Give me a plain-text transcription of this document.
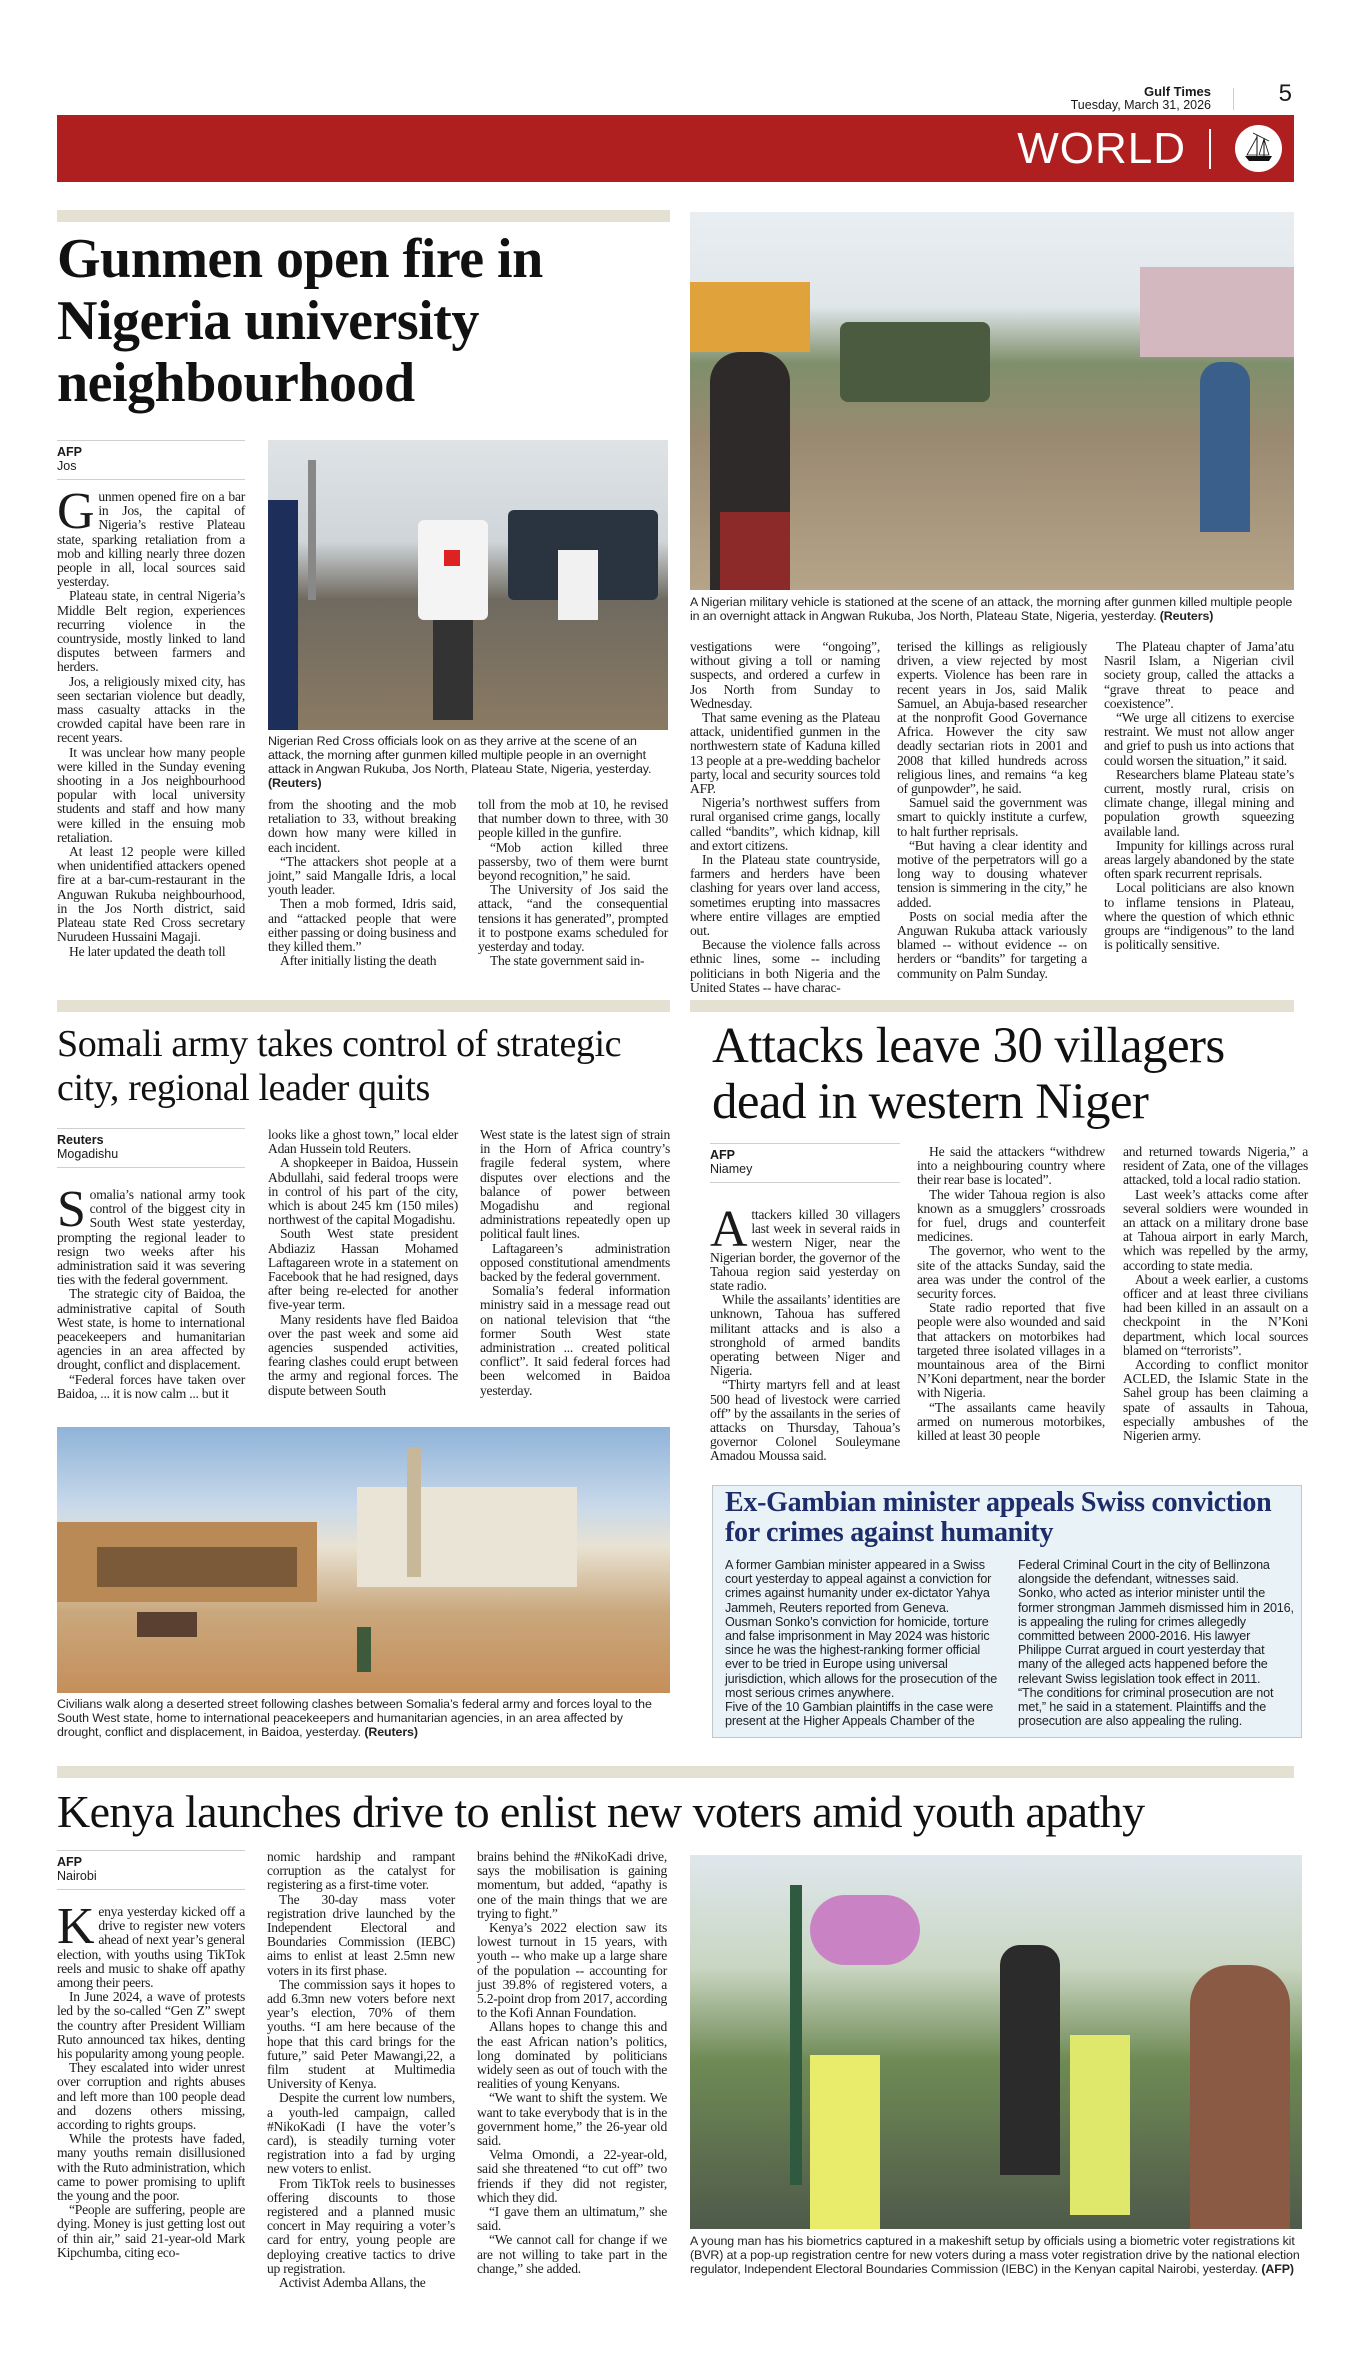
Gulf Times
Tuesday, March 31, 2026	5
WORLD
Gunmen open fire in Nigeria university neighbourhood
AFP
Jos

Gunmen opened fire on a bar in Jos, the capital of Nigeria’s restive Plateau state, sparking retaliation from a mob and killing nearly three dozen people in all, local sources said yesterday.

Plateau state, in central Nigeria’s Middle Belt region, experiences recurring violence in the countryside, mostly linked to land disputes between farmers and herders.

Jos, a religiously mixed city, has seen sectarian violence but deadly, mass casualty attacks in the crowded capital have been rare in recent years.

It was unclear how many people were killed in the Sunday evening shooting in a Jos neighbourhood popular with local university students and staff and how many were killed in the ensuing mob retaliation.

At least 12 people were killed when unidentified attackers opened fire at a bar-cum-restaurant in the Anguwan Rukuba neighbourhood, in the Jos North district, said Plateau state Red Cross secretary Nurudeen Hussaini Magaji.

He later updated the death toll

Nigerian Red Cross officials look on as they arrive at the scene of an attack, the morning after gunmen killed multiple people in an overnight attack in Angwan Rukuba, Jos North, Plateau State, Nigeria, yesterday. (Reuters)

from the shooting and the mob retaliation to 33, without breaking down how many were killed in each incident.

“The attackers shot people at a joint,” said Mangalle Idris, a local youth leader.

Then a mob formed, Idris said, and “attacked people that were either passing or doing business and they killed them.”

After initially listing the death

toll from the mob at 10, he revised that number down to three, with 30 people killed in the gunfire.

“Mob action killed three passersby, two of them were burnt beyond recognition,” he said.

The University of Jos said the attack, “and the consequential tensions it has generated”, prompted it to postpone exams scheduled for yesterday and today.

The state government said in-

A Nigerian military vehicle is stationed at the scene of an attack, the morning after gunmen killed multiple people in an overnight attack in Angwan Rukuba, Jos North, Plateau State, Nigeria, yesterday. (Reuters)

vestigations were “ongoing”, without giving a toll or naming suspects, and ordered a curfew in Jos North from Sunday to Wednesday.

That same evening as the Plateau attack, unidentified gunmen in the northwestern state of Kaduna killed 13 people at a pre-wedding bachelor party, local and security sources told AFP.

Nigeria’s northwest suffers from rural organised crime gangs, locally called “bandits”, which kidnap, kill and extort citizens.

In the Plateau state countryside, farmers and herders have been clashing for years over land access, sometimes erupting into massacres where entire villages are emptied out.

Because the violence falls across ethnic lines, some -- including politicians in both Nigeria and the United States -- have charac-

terised the killings as religiously driven, a view rejected by most experts. Violence has been rare in recent years in Jos, said Malik Samuel, an Abuja-based researcher at the nonprofit Good Governance Africa. However the city saw deadly sectarian riots in 2001 and 2008 that killed hundreds across religious lines, and remains “a keg of gunpowder”, he said.

Samuel said the government was smart to quickly institute a curfew, to halt further reprisals.

“But having a clear identity and motive of the perpetrators will go a long way to dousing whatever tension is simmering in the city,” he added.

Posts on social media after the Anguwan Rukuba attack variously blamed -- without evidence -- on herders or “bandits” for targeting a community on Palm Sunday.

The Plateau chapter of Jama’atu Nasril Islam, a Nigerian civil society group, called the attacks a “grave threat to peace and coexistence”.

“We urge all citizens to exercise restraint. We must not allow anger and grief to push us into actions that could worsen the situation,” it said.

Researchers blame Plateau state’s current, mostly rural, crisis on climate change, illegal mining and population growth squeezing available land.

Impunity for killings across rural areas largely abandoned by the state often spark recurrent reprisals.

Local politicians are also known to inflame tensions in Plateau, where the question of which ethnic groups are “indigenous” to the land is politically sensitive.

Somali army takes control of strategic city, regional leader quits
Reuters
Mogadishu

Somalia’s national army took control of the biggest city in South West state yesterday, prompting the regional leader to resign two weeks after his administration said it was severing ties with the federal government.

The strategic city of Baidoa, the administrative capital of South West state, is home to international peacekeepers and humanitarian agencies in an area affected by drought, conflict and displacement.

“Federal forces have taken over Baidoa, ... it is now calm ... but it

looks like a ghost town,” local elder Adan Hussein told Reuters.

A shopkeeper in Baidoa, Hussein Abdullahi, said federal troops were in control of his part of the city, which is about 245 km (150 miles) northwest of the capital Mogadishu.

South West state president Abdiaziz Hassan Mohamed Laftagareen wrote in a statement on Facebook that he had resigned, days after being re-elected for another five-year term.

Many residents have fled Baidoa over the past week and some aid agencies suspended activities, fearing clashes could erupt between the army and regional forces. The dispute between South

West state is the latest sign of strain in the Horn of Africa country’s fragile federal system, where disputes over elections and the balance of power between Mogadishu and regional administrations repeatedly open up political fault lines.

Laftagareen’s administration opposed constitutional amendments backed by the federal government.

Somalia’s federal information ministry said in a message read out on national television that “the former South West state administration ... created political conflict”. It said federal forces had been welcomed in Baidoa yesterday.

Civilians walk along a deserted street following clashes between Somalia’s federal army and forces loyal to the South West state, home to international peacekeepers and humanitarian agencies, in an area affected by drought, conflict and displacement, in Baidoa, yesterday. (Reuters)

Attacks leave 30 villagers dead in western Niger
AFP
Niamey

Attackers killed 30 villagers last week in several raids in western Niger, near the Nigerian border, the governor of the Tahoua region said yesterday on state radio.

While the assailants’ identities are unknown, Tahoua has suffered militant attacks and is also a stronghold of armed bandits operating between Niger and Nigeria.

“Thirty martyrs fell and at least 500 head of livestock were carried off” by the assailants in the series of attacks on Thursday, Tahoua’s governor Colonel Souleymane Amadou Moussa said.

He said the attackers “withdrew into a neighbouring country where their rear base is located”.

The wider Tahoua region is also known as a smugglers’ crossroads for fuel, drugs and counterfeit medicines.

The governor, who went to the site of the attacks Sunday, said the area was under the control of the security forces.

State radio reported that five people were also wounded and said that attackers on motorbikes had targeted three isolated villages in a mountainous area of the Birni N’Koni department, near the border with Nigeria.

“The assailants came heavily armed on numerous motorbikes, killed at least 30 people

and returned towards Nigeria,” a resident of Zata, one of the villages attacked, told a local radio station.

Last week’s attacks come after several soldiers were wounded in an attack on a military drone base at Tahoua airport in early March, which was repelled by the army, according to state media.

About a week earlier, a customs officer and at least three civilians had been killed in an assault on a checkpoint in the N’Koni department, which local sources blamed on “terrorists”.

According to conflict monitor ACLED, the Islamic State in the Sahel group has been claiming a spate of assaults in Tahoua, especially ambushes of the Nigerien army.

Ex-Gambian minister appeals Swiss conviction for crimes against humanity

A former Gambian minister appeared in a Swiss court yesterday to appeal against a conviction for crimes against humanity under ex-dictator Yahya Jammeh, Reuters reported from Geneva.

Ousman Sonko’s conviction for homicide, torture and false imprisonment in May 2024 was historic since he was the highest-ranking former official ever to be tried in Europe using universal jurisdiction, which allows for the prosecution of the most serious crimes anywhere.

Five of the 10 Gambian plaintiffs in the case were present at the Higher Appeals Chamber of the

Federal Criminal Court in the city of Bellinzona alongside the defendant, witnesses said.

Sonko, who acted as interior minister until the former strongman Jammeh dismissed him in 2016, is appealing the ruling for crimes allegedly committed between 2000-2016. His lawyer Philippe Currat argued in court yesterday that many of the alleged acts happened before the relevant Swiss legislation took effect in 2011.

“The conditions for criminal prosecution are not met,” he said in a statement. Plaintiffs and the prosecution are also appealing the ruling.

Kenya launches drive to enlist new voters amid youth apathy
AFP
Nairobi

Kenya yesterday kicked off a drive to register new voters ahead of next year’s general election, with youths using TikTok reels and music to shake off apathy among their peers.

In June 2024, a wave of protests led by the so-called “Gen Z” swept the country after President William Ruto announced tax hikes, denting his popularity among young people.

They escalated into wider unrest over corruption and rights abuses and left more than 100 people dead and dozens others missing, according to rights groups.

While the protests have faded, many youths remain disillusioned with the Ruto administration, which came to power promising to uplift the young and the poor.

“People are suffering, people are dying. Money is just getting lost out of thin air,” said 21-year-old Mark Kipchumba, citing eco-

nomic hardship and rampant corruption as the catalyst for registering as a first-time voter.

The 30-day mass voter registration drive launched by the Independent Electoral and Boundaries Commission (IEBC) aims to enlist at least 2.5mn new voters in its first phase.

The commission says it hopes to add 6.3mn new voters before next year’s election, 70% of them youths. “I am here because of the hope that this card brings for the future,” said Peter Mawangi,22, a film student at Multimedia University of Kenya.

Despite the current low numbers, a youth-led campaign, called #NikoKadi (I have the voter’s card), is steadily turning voter registration into a fad by urging new voters to enlist.

From TikTok reels to businesses offering discounts to those registered and a planned music concert in May requiring a voter’s card for entry, young people are deploying creative tactics to drive up registration.

Activist Ademba Allans, the

brains behind the #NikoKadi drive, says the mobilisation is gaining momentum, but added, “apathy is one of the main things that we are trying to fight.”

Kenya’s 2022 election saw its lowest turnout in 15 years, with youth -- who make up a large share of the population -- accounting for just 39.8% of registered voters, a 5.2-point drop from 2017, according to the Kofi Annan Foundation.

Allans hopes to change this and the east African nation’s politics, long dominated by politicians widely seen as out of touch with the realities of young Kenyans.

“We want to shift the system. We want to take everybody that is in the government home,” the 26-year old said.

Velma Omondi, a 22-year-old, said she threatened “to cut off” two friends if they did not register, which they did.

“I gave them an ultimatum,” she said.

“We cannot call for change if we are not willing to take part in the change,” she added.

A young man has his biometrics captured in a makeshift setup by officials using a biometric voter registrations kit (BVR) at a pop-up registration centre for new voters during a mass voter registration drive by the national election regulator, Independent Electoral Boundaries Commission (IEBC) in the Kenyan capital Nairobi, yesterday. (AFP)
